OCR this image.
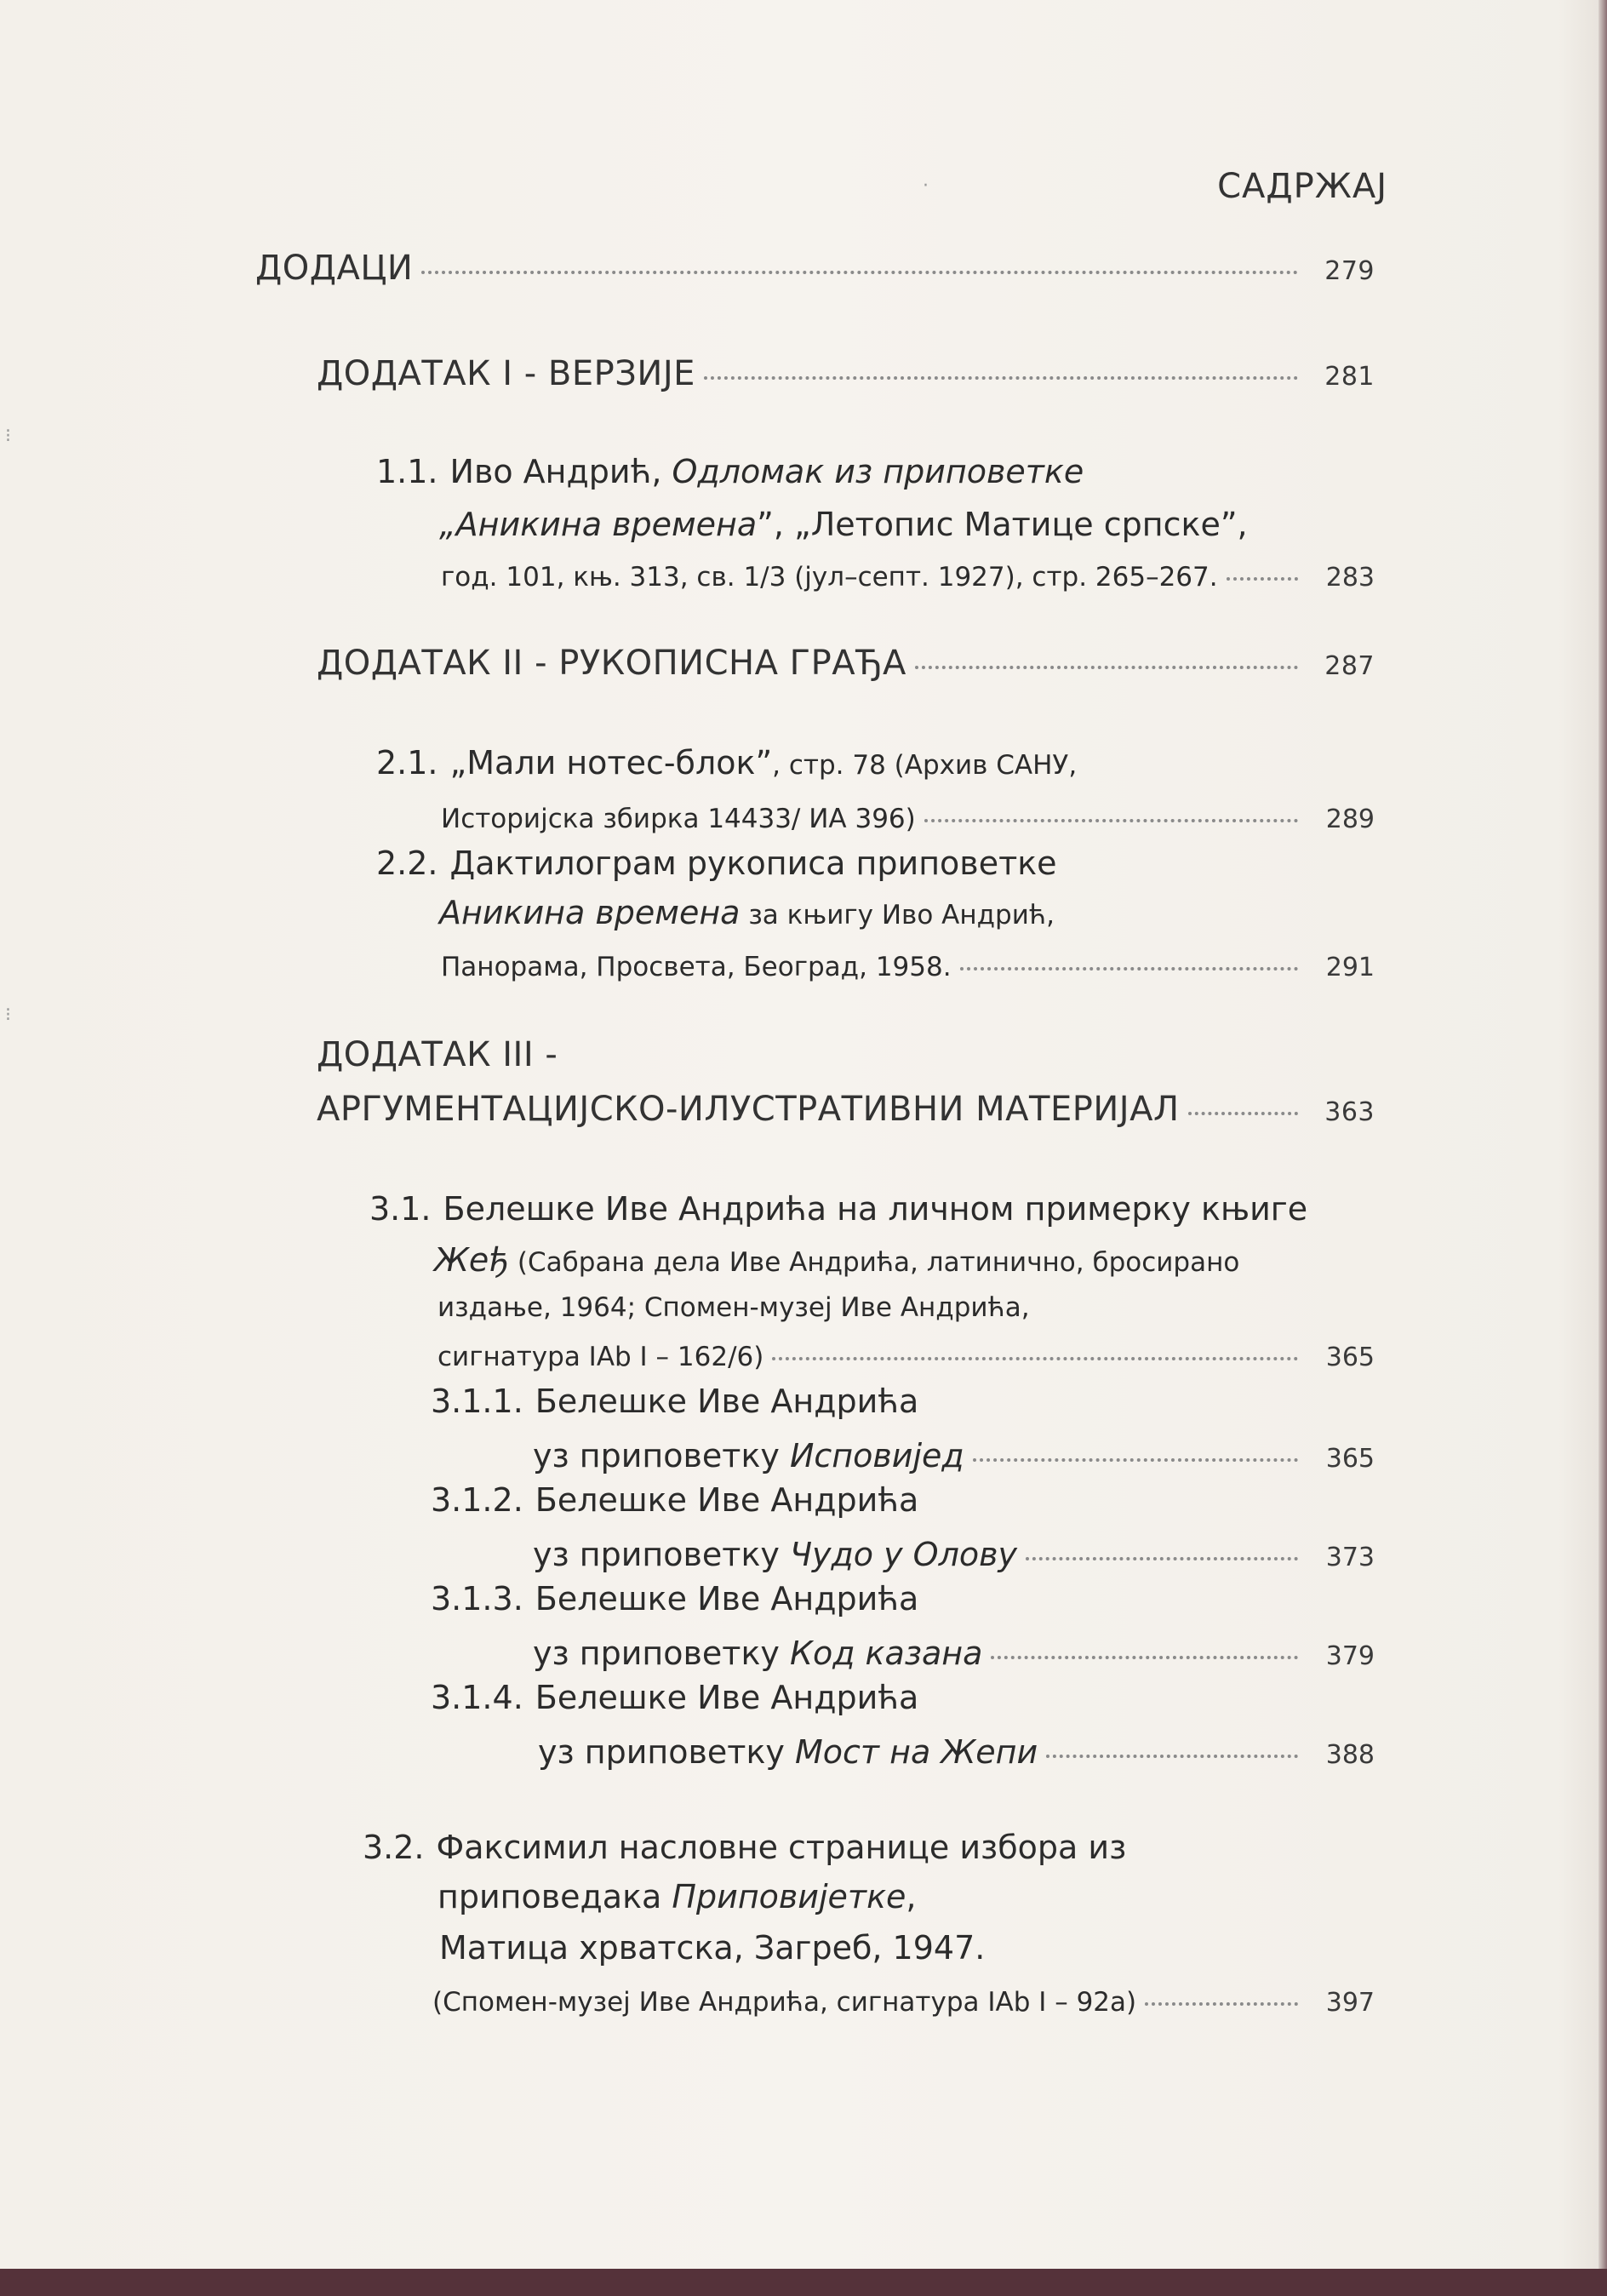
САДРЖАЈ
ДОДАЦИ	279
ДОДАТАК I - ВЕРЗИЈЕ	281
1.1. Иво Андрић, Одломак из приповетке
„Аникина времена”, „Летопис Матице српске”,
год. 101, књ. 313, св. 1/3 (јул–септ. 1927), стр. 265–267.	283
ДОДАТАК II - РУКОПИСНА ГРАЂА	287
2.1. „Мали нотес-блок”, стр. 78 (Архив САНУ,
Историјска збирка 14433/ ИА 396)	289
2.2. Дактилограм рукописа приповетке
Аникина времена за књигу Иво Андрић,
Панорама, Просвета, Београд, 1958.	291
ДОДАТАК III -
АРГУМЕНТАЦИЈСКО-ИЛУСТРАТИВНИ МАТЕРИЈАЛ	363
3.1. Белешке Иве Андрића на личном примерку књиге
Жеђ (Сабрана дела Иве Андрића, латинично, бросирано
издање, 1964; Спомен-музеј Иве Андрића,
сигнатура IAb I – 162/6)	365
3.1.1. Белешке Иве Андрића
уз приповетку Исповијед	365
3.1.2. Белешке Иве Андрића
уз приповетку Чудо у Олову	373
3.1.3. Белешке Иве Андрића
уз приповетку Код казана	379
3.1.4. Белешке Иве Андрића
уз приповетку Мост на Жепи	388
3.2. Факсимил насловне странице избора из
приповедака Приповијетке,
Матица хрватска, Загреб, 1947.
(Спомен-музеј Иве Андрића, сигнатура IAb I – 92а)	397
⁝
⁝
·
